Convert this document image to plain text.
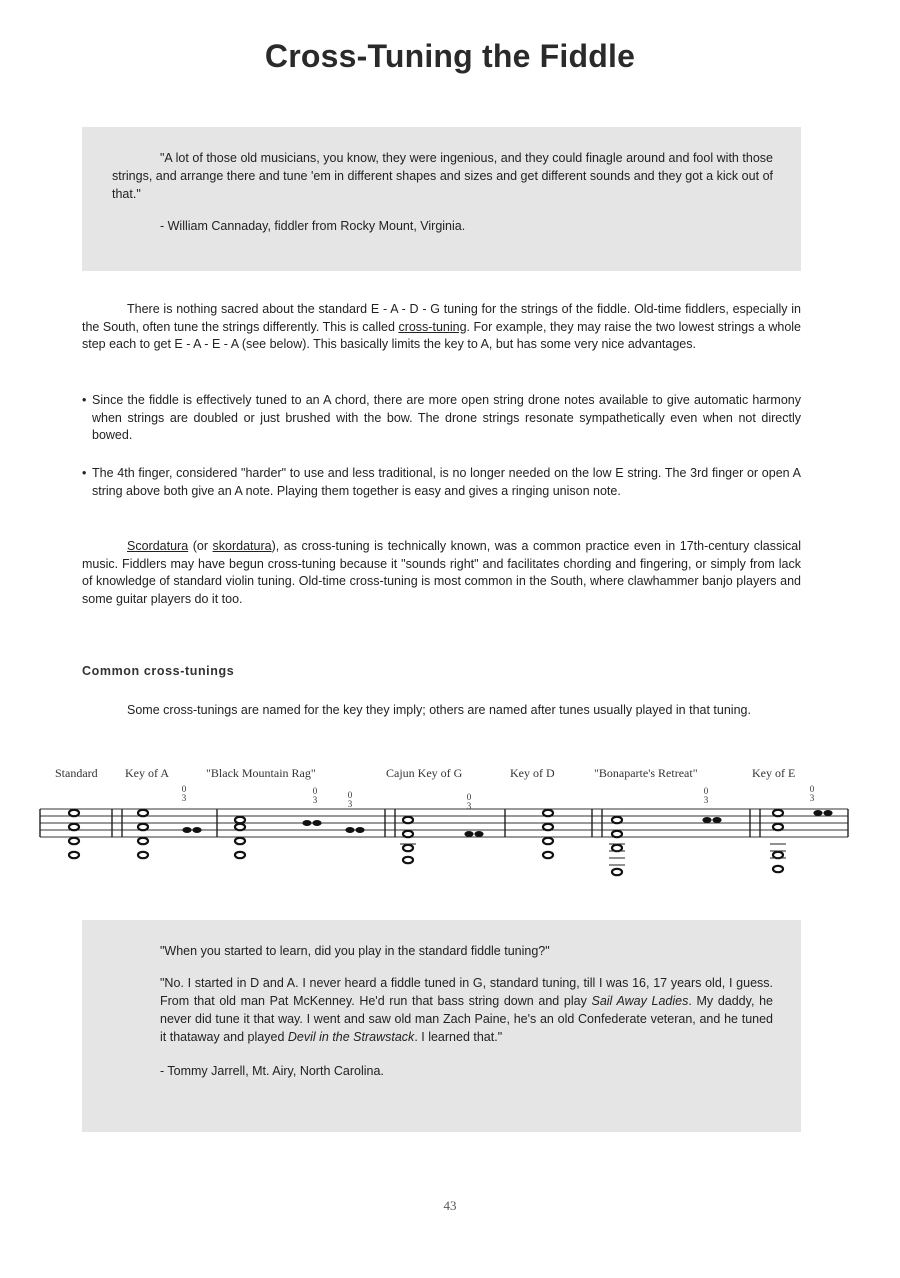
Cross-Tuning the Fiddle

"A lot of those old musicians, you know, they were ingenious, and they could finagle around and fool with those strings, and arrange there and tune 'em in different shapes and sizes and get different sounds and they got a kick out of that."

- William Cannaday, fiddler from Rocky Mount, Virginia.

There is nothing sacred about the standard E - A - D - G tuning for the strings of the fiddle. Old-time fiddlers, especially in the South, often tune the strings differently. This is called cross-tuning. For example, they may raise the two lowest strings a whole step each to get E - A - E - A (see below). This basically limits the key to A, but has some very nice advantages.

• Since the fiddle is effectively tuned to an A chord, there are more open string drone notes available to give automatic harmony when strings are doubled or just brushed with the bow. The drone strings resonate sympathetically even when not directly bowed.
• The 4th finger, considered "harder" to use and less traditional, is no longer needed on the low E string. The 3rd finger or open A string above both give an A note. Playing them together is easy and gives a ringing unison note.

Scordatura (or skordatura), as cross-tuning is technically known, was a common practice even in 17th-century classical music. Fiddlers may have begun cross-tuning because it "sounds right" and facilitates chording and fingering, or simply from lack of knowledge of standard violin tuning. Old-time cross-tuning is most common in the South, where clawhammer banjo players and some guitar players do it too.

Common cross-tunings

Some cross-tunings are named for the key they imply; others are named after tunes usually played in that tuning.

Standard Key of A	"Black Mountain Rag"	Cajun Key of G	Key of D	"Bonaparte's Retreat"	Key of E
0 3
0 3	0 3
0 3
0 3
0 3

"When you started to learn, did you play in the standard fiddle tuning?"

"No. I started in D and A. I never heard a fiddle tuned in G, standard tuning, till I was 16, 17 years old, I guess. From that old man Pat McKenney. He'd run that bass string down and play Sail Away Ladies. My daddy, he never did tune it that way. I went and saw old man Zach Paine, he's an old Confederate veteran, and he tuned it thataway and played Devil in the Strawstack. I learned that."

- Tommy Jarrell, Mt. Airy, North Carolina.

43
